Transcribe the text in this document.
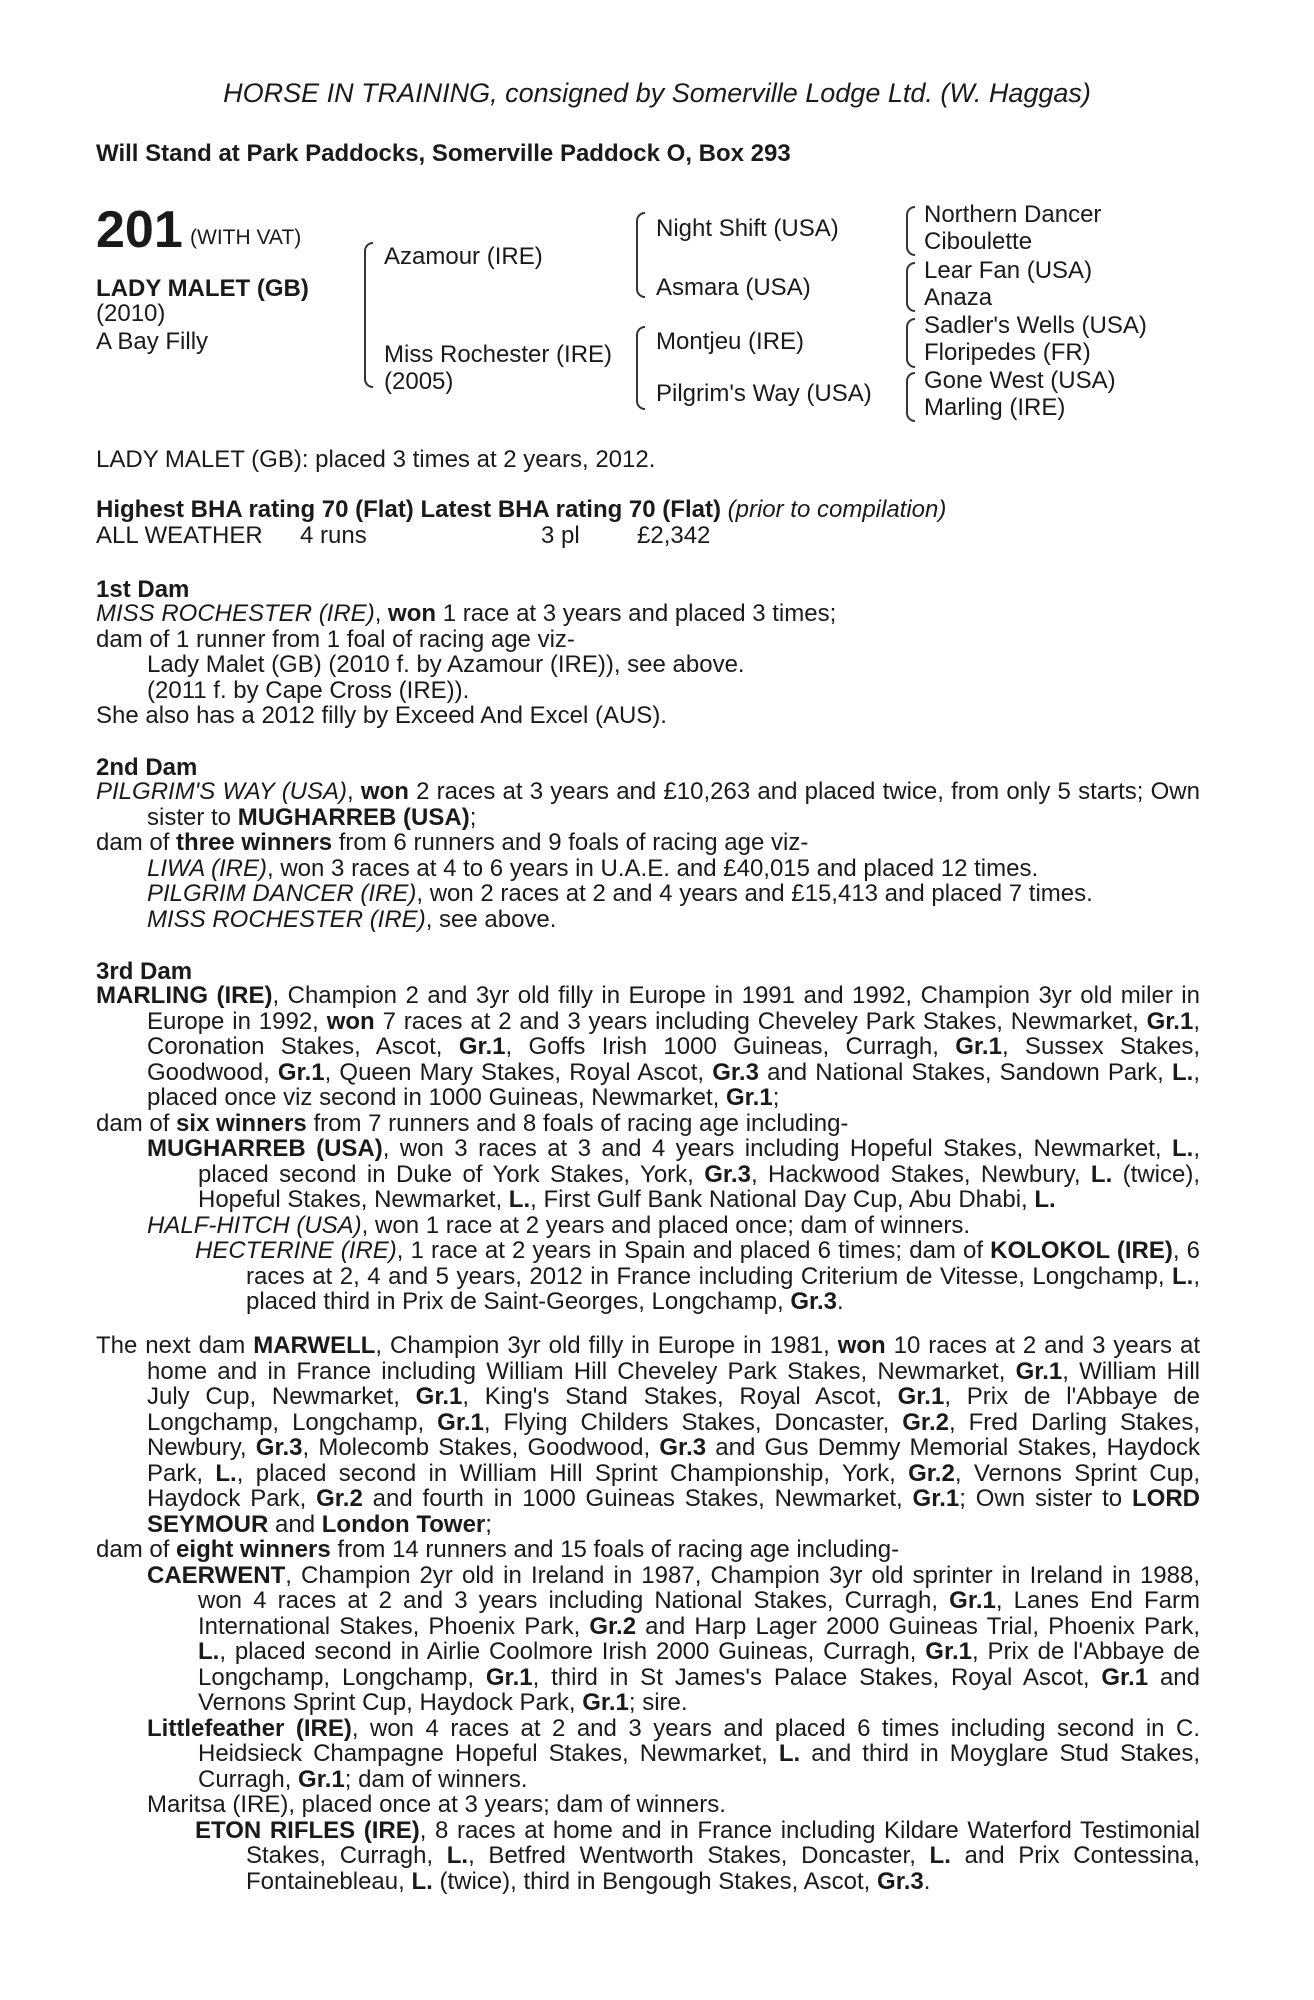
HORSE IN TRAINING, consigned by Somerville Lodge Ltd. (W. Haggas)
Will Stand at Park Paddocks, Somerville Paddock O, Box 293
201 (WITH VAT)
LADY MALET (GB)
(2010)
A Bay Filly
Azamour (IRE)
Miss Rochester (IRE)
(2005)
Night Shift (USA)
Asmara (USA)
Montjeu (IRE)
Pilgrim's Way (USA)
Northern Dancer
Ciboulette
Lear Fan (USA)
Anaza
Sadler's Wells (USA)
Floripedes (FR)
Gone West (USA)
Marling (IRE)
LADY MALET (GB): placed 3 times at 2 years, 2012.
Highest BHA rating 70 (Flat) Latest BHA rating 70 (Flat) (prior to compilation)
ALL WEATHER 4 runs	3 pl £2,342
1st Dam

MISS ROCHESTER (IRE), won 1 race at 3 years and placed 3 times;

dam of 1 runner from 1 foal of racing age viz-

Lady Malet (GB) (2010 f. by Azamour (IRE)), see above.

(2011 f. by Cape Cross (IRE)).

She also has a 2012 filly by Exceed And Excel (AUS).

2nd Dam

PILGRIM'S WAY (USA), won 2 races at 3 years and £10,263 and placed twice, from only 5 starts; Own sister to MUGHARREB (USA);

dam of three winners from 6 runners and 9 foals of racing age viz-

LIWA (IRE), won 3 races at 4 to 6 years in U.A.E. and £40,015 and placed 12 times.

PILGRIM DANCER (IRE), won 2 races at 2 and 4 years and £15,413 and placed 7 times.

MISS ROCHESTER (IRE), see above.

3rd Dam

MARLING (IRE), Champion 2 and 3yr old filly in Europe in 1991 and 1992, Champion 3yr old miler in Europe in 1992, won 7 races at 2 and 3 years including Cheveley Park Stakes, Newmarket, Gr.1, Coronation Stakes, Ascot, Gr.1, Goffs Irish 1000 Guineas, Curragh, Gr.1, Sussex Stakes, Goodwood, Gr.1, Queen Mary Stakes, Royal Ascot, Gr.3 and National Stakes, Sandown Park, L., placed once viz second in 1000 Guineas, Newmarket, Gr.1;

dam of six winners from 7 runners and 8 foals of racing age including-

MUGHARREB (USA), won 3 races at 3 and 4 years including Hopeful Stakes, Newmarket, L., placed second in Duke of York Stakes, York, Gr.3, Hackwood Stakes, Newbury, L. (twice), Hopeful Stakes, Newmarket, L., First Gulf Bank National Day Cup, Abu Dhabi, L.

HALF-HITCH (USA), won 1 race at 2 years and placed once; dam of winners.

HECTERINE (IRE), 1 race at 2 years in Spain and placed 6 times; dam of KOLOKOL (IRE), 6 races at 2, 4 and 5 years, 2012 in France including Criterium de Vitesse, Longchamp, L., placed third in Prix de Saint-Georges, Longchamp, Gr.3.

The next dam MARWELL, Champion 3yr old filly in Europe in 1981, won 10 races at 2 and 3 years at home and in France including William Hill Cheveley Park Stakes, Newmarket, Gr.1, William Hill July Cup, Newmarket, Gr.1, King's Stand Stakes, Royal Ascot, Gr.1, Prix de l'Abbaye de Longchamp, Longchamp, Gr.1, Flying Childers Stakes, Doncaster, Gr.2, Fred Darling Stakes, Newbury, Gr.3, Molecomb Stakes, Goodwood, Gr.3 and Gus Demmy Memorial Stakes, Haydock Park, L., placed second in William Hill Sprint Championship, York, Gr.2, Vernons Sprint Cup, Haydock Park, Gr.2 and fourth in 1000 Guineas Stakes, Newmarket, Gr.1; Own sister to LORD SEYMOUR and London Tower;

dam of eight winners from 14 runners and 15 foals of racing age including-

CAERWENT, Champion 2yr old in Ireland in 1987, Champion 3yr old sprinter in Ireland in 1988, won 4 races at 2 and 3 years including National Stakes, Curragh, Gr.1, Lanes End Farm International Stakes, Phoenix Park, Gr.2 and Harp Lager 2000 Guineas Trial, Phoenix Park, L., placed second in Airlie Coolmore Irish 2000 Guineas, Curragh, Gr.1, Prix de l'Abbaye de Longchamp, Longchamp, Gr.1, third in St James's Palace Stakes, Royal Ascot, Gr.1 and Vernons Sprint Cup, Haydock Park, Gr.1; sire.

Littlefeather (IRE), won 4 races at 2 and 3 years and placed 6 times including second in C. Heidsieck Champagne Hopeful Stakes, Newmarket, L. and third in Moyglare Stud Stakes, Curragh, Gr.1; dam of winners.

Maritsa (IRE), placed once at 3 years; dam of winners.

ETON RIFLES (IRE), 8 races at home and in France including Kildare Waterford Testimonial Stakes, Curragh, L., Betfred Wentworth Stakes, Doncaster, L. and Prix Contessina, Fontainebleau, L. (twice), third in Bengough Stakes, Ascot, Gr.3.
